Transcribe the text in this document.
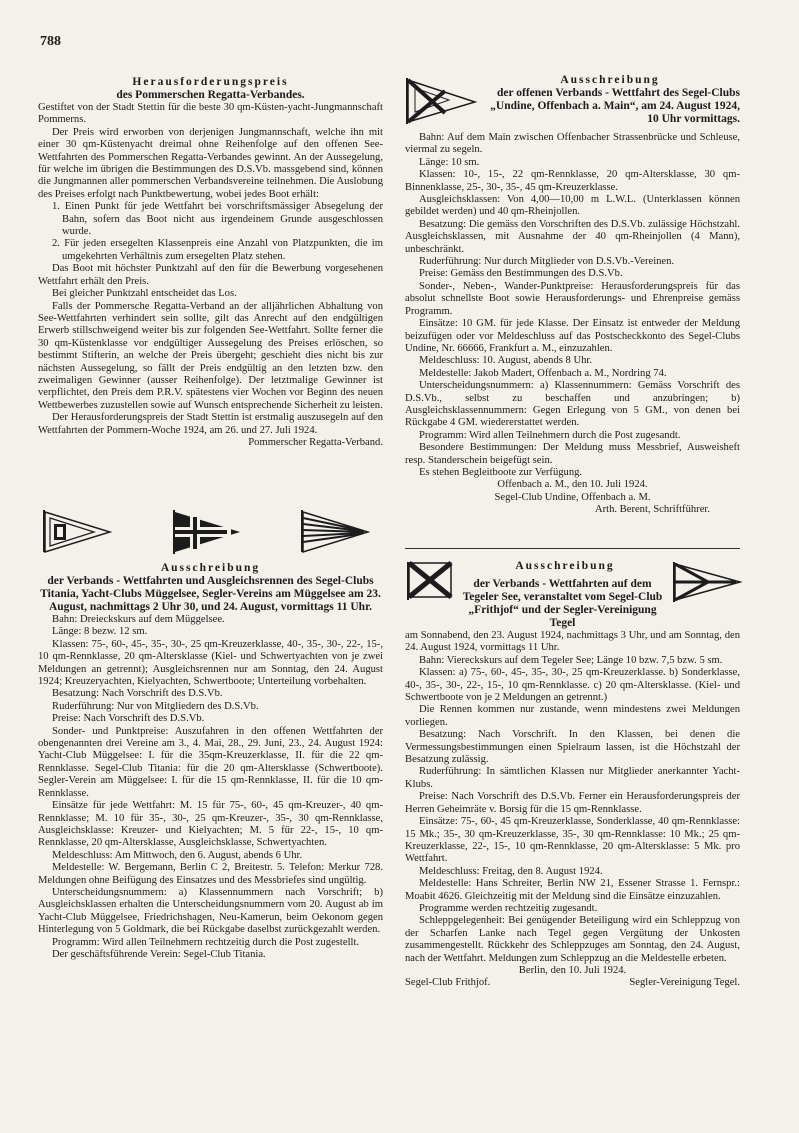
788
Herausforderungspreis
des Pommerschen Regatta-Verbandes.

Gestiftet von der Stadt Stettin für die beste 30 qm-Küsten-yacht-Jungmannschaft Pommerns.

Der Preis wird erworben von derjenigen Jungmannschaft, welche ihn mit einer 30 qm-Küstenyacht dreimal ohne Reihenfolge auf den offenen See-Wettfahrten des Pommerschen Regatta-Verbandes gewinnt. An der Aussegelung, für welche im übrigen die Bestimmungen des D.S.Vb. massgebend sind, können die Jungmannen aller pommerschen Verbandsvereine teilnehmen. Die Auslobung des Preises erfolgt nach Punktbewertung, wobei jedes Boot erhält:

1. Einen Punkt für jede Wettfahrt bei vorschriftsmässiger Absegelung der Bahn, sofern das Boot nicht aus irgendeinem Grunde ausgeschlossen wurde.

2. Für jeden ersegelten Klassenpreis eine Anzahl von Platzpunkten, die im umgekehrten Verhältnis zum ersegelten Platz stehen.

Das Boot mit höchster Punktzahl auf den für die Bewerbung vorgesehenen Wettfahrt erhält den Preis.

Bei gleicher Punktzahl entscheidet das Los.

Falls der Pommersche Regatta-Verband an der alljährlichen Abhaltung von See-Wettfahrten verhindert sein sollte, gilt das Anrecht auf den endgültigen Erwerb stillschweigend weiter bis zur folgenden See-Wettfahrt. Sollte ferner die 30 qm-Küstenklasse vor endgültiger Aussegelung des Preises erlöschen, so bestimmt Stifterin, an welche der Preis übergeht; geschieht dies nicht bis zur nächsten Aussegelung, so fällt der Preis endgültig an den letzten bzw. den zweimaligen Gewinner (ausser Reihenfolge). Der letztmalige Gewinner ist verpflichtet, den Preis dem P.R.V. spätestens vier Wochen vor Beginn des neuen Wettbewerbes zuzustellen sowie auf Wunsch entsprechende Sicherheit zu leisten.

Der Herausforderungspreis der Stadt Stettin ist erstmalig auszusegeln auf den Wettfahrten der Pommern-Woche 1924, am 26. und 27. Juli 1924.

Pommerscher Regatta-Verband.
Ausschreibung
der Verbands - Wettfahrten und Ausgleichsrennen des Segel-Clubs Titania, Yacht-Clubs Müggelsee, Segler-Vereins am Müggelsee am 23. August, nachmittags 2 Uhr 30, und 24. August, vormittags 11 Uhr.

Bahn: Dreieckskurs auf dem Müggelsee.

Länge: 8 bezw. 12 sm.

Klassen: 75-, 60-, 45-, 35-, 30-, 25 qm-Kreuzerklasse, 40-, 35-, 30-, 22-, 15-, 10 qm-Rennklasse, 20 qm-Altersklasse (Kiel- und Schwertyachten von je zwei Meldungen an getrennt); Ausgleichsrennen nur am Sonntag, den 24. August 1924; Kreuzeryachten, Kielyachten, Schwertboote; Unterteilung vorbehalten.

Besatzung: Nach Vorschrift des D.S.Vb.

Ruderführung: Nur von Mitgliedern des D.S.Vb.

Preise: Nach Vorschrift des D.S.Vb.

Sonder- und Punktpreise: Auszufahren in den offenen Wettfahrten der obengenannten drei Vereine am 3., 4. Mai, 28., 29. Juni, 23., 24. August 1924: Yacht-Club Müggelsee: I. für die 35qm-Kreuzerklasse, II. für die 22 qm-Rennklasse. Segel-Club Titania: für die 20 qm-Altersklasse (Schwertboote). Segler-Verein am Müggelsee: I. für die 15 qm-Rennklasse, II. für die 10 qm-Rennklasse.

Einsätze für jede Wettfahrt: M. 15 für 75-, 60-, 45 qm-Kreuzer-, 40 qm-Rennklasse; M. 10 für 35-, 30-, 25 qm-Kreuzer-, 35-, 30 qm-Rennklasse, Ausgleichsklasse: Kreuzer- und Kielyachten; M. 5 für 22-, 15-, 10 qm-Rennklasse, 20 qm-Altersklasse, Ausgleichsklasse, Schwertyachten.

Meldeschluss: Am Mittwoch, den 6. August, abends 6 Uhr.

Meldestelle: W. Bergemann, Berlin C 2, Breitestr. 5. Telefon: Merkur 728. Meldungen ohne Beifügung des Einsatzes und des Messbriefes sind ungültig.

Unterscheidungsnummern: a) Klassennummern nach Vorschrift; b) Ausgleichsklassen erhalten die Unterscheidungsnummern vom 20. August ab im Yacht-Club Müggelsee, Friedrichshagen, Neu-Kamerun, beim Oekonom gegen Hinterlegung von 5 Goldmark, die bei Rückgabe daselbst zurückgezahlt werden.

Programm: Wird allen Teilnehmern rechtzeitig durch die Post zugestellt.

Der geschäftsführende Verein: Segel-Club Titania.

Ausschreibung
der offenen Verbands - Wettfahrt des Segel-Clubs „Undine, Offenbach a. Main“, am 24. August 1924, 10 Uhr vormittags.

Bahn: Auf dem Main zwischen Offenbacher Strassenbrücke und Schleuse, viermal zu segeln.

Länge: 10 sm.

Klassen: 10-, 15-, 22 qm-Rennklasse, 20 qm-Altersklasse, 30 qm-Binnenklasse, 25-, 30-, 35-, 45 qm-Kreuzerklasse.

Ausgleichsklassen: Von 4,00—10,00 m L.W.L. (Unterklassen können gebildet werden) und 40 qm-Rheinjollen.

Besatzung: Die gemäss den Vorschriften des D.S.Vb. zulässige Höchstzahl. Ausgleichsklassen, mit Ausnahme der 40 qm-Rheinjollen (4 Mann), unbeschränkt.

Ruderführung: Nur durch Mitglieder von D.S.Vb.-Vereinen.

Preise: Gemäss den Bestimmungen des D.S.Vb.

Sonder-, Neben-, Wander-Punktpreise: Herausforderungspreis für das absolut schnellste Boot sowie Herausforderungs- und Ehrenpreise gemäss Programm.

Einsätze: 10 GM. für jede Klasse. Der Einsatz ist entweder der Meldung beizufügen oder vor Meldeschluss auf das Postscheckkonto des Segel-Clubs Undine, Nr. 66666, Frankfurt a. M., einzuzahlen.

Meldeschluss: 10. August, abends 8 Uhr.

Meldestelle: Jakob Madert, Offenbach a. M., Nordring 74.

Unterscheidungsnummern: a) Klassennummern: Gemäss Vorschrift des D.S.Vb., selbst zu beschaffen und anzubringen; b) Ausgleichsklassennummern: Gegen Erlegung von 5 GM., von denen bei Rückgabe 4 GM. wiedererstattet werden.

Programm: Wird allen Teilnehmern durch die Post zugesandt.

Besondere Bestimmungen: Der Meldung muss Messbrief, Ausweisheft resp. Standerschein beigefügt sein.

Es stehen Begleitboote zur Verfügung.

Offenbach a. M., den 10. Juli 1924.
Segel-Club Undine, Offenbach a. M.
Arth. Berent, Schriftführer.
Ausschreibung
der Verbands - Wettfahrten auf dem Tegeler See, veranstaltet vom Segel-Club „Frithjof“ und der Segler-Vereinigung Tegel

am Sonnabend, den 23. August 1924, nachmittags 3 Uhr, und am Sonntag, den 24. August 1924, vormittags 11 Uhr.

Bahn: Viereckskurs auf dem Tegeler See; Länge 10 bzw. 7,5 bzw. 5 sm.

Klassen: a) 75-, 60-, 45-, 35-, 30-, 25 qm-Kreuzerklasse. b) Sonderklasse, 40-, 35-, 30-, 22-, 15-, 10 qm-Rennklasse. c) 20 qm-Altersklasse. (Kiel- und Schwertboote von je 2 Meldungen an getrennt.)

Die Rennen kommen nur zustande, wenn mindestens zwei Meldungen vorliegen.

Besatzung: Nach Vorschrift. In den Klassen, bei denen die Vermessungsbestimmungen einen Spielraum lassen, ist die Höchstzahl der Besatzung zulässig.

Ruderführung: In sämtlichen Klassen nur Mitglieder anerkannter Yacht-Klubs.

Preise: Nach Vorschrift des D.S.Vb. Ferner ein Herausforderungspreis der Herren Geheimräte v. Borsig für die 15 qm-Rennklasse.

Einsätze: 75-, 60-, 45 qm-Kreuzerklasse, Sonderklasse, 40 qm-Rennklasse: 15 Mk.; 35-, 30 qm-Kreuzerklasse, 35-, 30 qm-Rennklasse: 10 Mk.; 25 qm-Kreuzerklasse, 22-, 15-, 10 qm-Rennklasse, 20 qm-Altersklasse: 5 Mk. pro Wettfahrt.

Meldeschluss: Freitag, den 8. August 1924.

Meldestelle: Hans Schreiter, Berlin NW 21, Essener Strasse 1. Fernspr.: Moabit 4626. Gleichzeitig mit der Meldung sind die Einsätze einzuzahlen.

Programme werden rechtzeitig zugesandt.

Schleppgelegenheit: Bei genügender Beteiligung wird ein Schleppzug von der Scharfen Lanke nach Tegel gegen Vergütung der Unkosten zusammengestellt. Rückkehr des Schleppzuges am Sonntag, den 24. August, nach der Wettfahrt. Meldungen zum Schleppzug an die Meldestelle erbeten.

Berlin, den 10. Juli 1924.
Segel-Club Frithjof.	Segler-Vereinigung Tegel.
